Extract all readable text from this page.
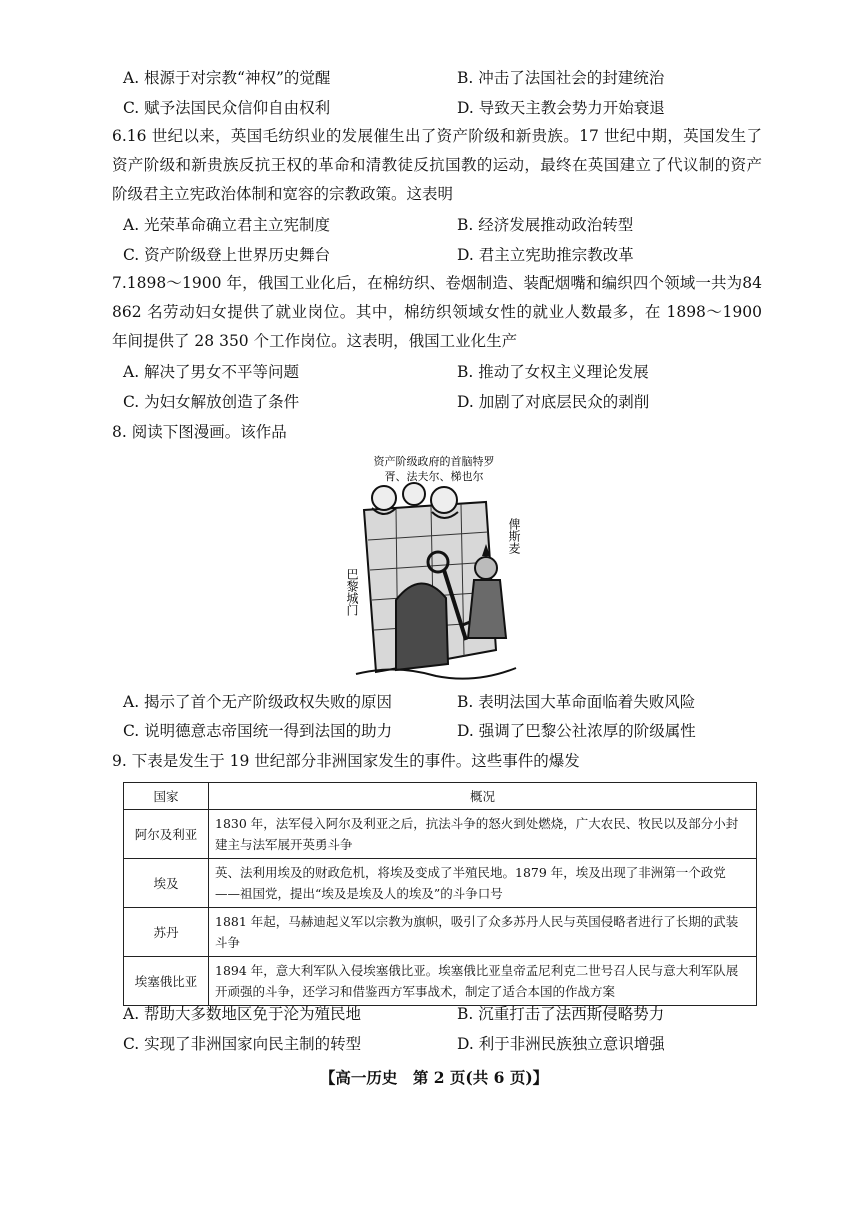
A. 根源于对宗教“神权”的觉醒	B. 冲击了法国社会的封建统治
C. 赋予法国民众信仰自由权利	D. 导致天主教会势力开始衰退
6.16 世纪以来，英国毛纺织业的发展催生出了资产阶级和新贵族。17 世纪中期，英国发生了资产阶级和新贵族反抗王权的革命和清教徒反抗国教的运动，最终在英国建立了代议制的资产阶级君主立宪政治体制和宽容的宗教政策。这表明
A. 光荣革命确立君主立宪制度	B. 经济发展推动政治转型
C. 资产阶级登上世界历史舞台	D. 君主立宪助推宗教改革
7.1898～1900 年，俄国工业化后，在棉纺织、卷烟制造、装配烟嘴和编织四个领域一共为84 862 名劳动妇女提供了就业岗位。其中，棉纺织领域女性的就业人数最多，在 1898～1900 年间提供了 28 350 个工作岗位。这表明，俄国工业化生产
A. 解决了男女不平等问题	B. 推动了女权主义理论发展
C. 为妇女解放创造了条件	D. 加剧了对底层民众的剥削
8. 阅读下图漫画。该作品
资产阶级政府的首脑特罗
胥、法夫尔、梯也尔
巴黎城门
俾斯麦
A. 揭示了首个无产阶级政权失败的原因	B. 表明法国大革命面临着失败风险
C. 说明德意志帝国统一得到法国的助力	D. 强调了巴黎公社浓厚的阶级属性
9. 下表是发生于 19 世纪部分非洲国家发生的事件。这些事件的爆发
国家	概况
阿尔及利亚	1830 年，法军侵入阿尔及利亚之后，抗法斗争的怒火到处燃烧，广大农民、牧民以及部分小封建主与法军展开英勇斗争
埃及	英、法利用埃及的财政危机，将埃及变成了半殖民地。1879 年，埃及出现了非洲第一个政党——祖国党，提出“埃及是埃及人的埃及”的斗争口号
苏丹	1881 年起，马赫迪起义军以宗教为旗帜，吸引了众多苏丹人民与英国侵略者进行了长期的武装斗争
埃塞俄比亚	1894 年，意大利军队入侵埃塞俄比亚。埃塞俄比亚皇帝孟尼利克二世号召人民与意大利军队展开顽强的斗争，还学习和借鉴西方军事战术，制定了适合本国的作战方案
A. 帮助大多数地区免于沦为殖民地	B. 沉重打击了法西斯侵略势力
C. 实现了非洲国家向民主制的转型	D. 利于非洲民族独立意识增强
【高一历史　第 2 页(共 6 页)】
